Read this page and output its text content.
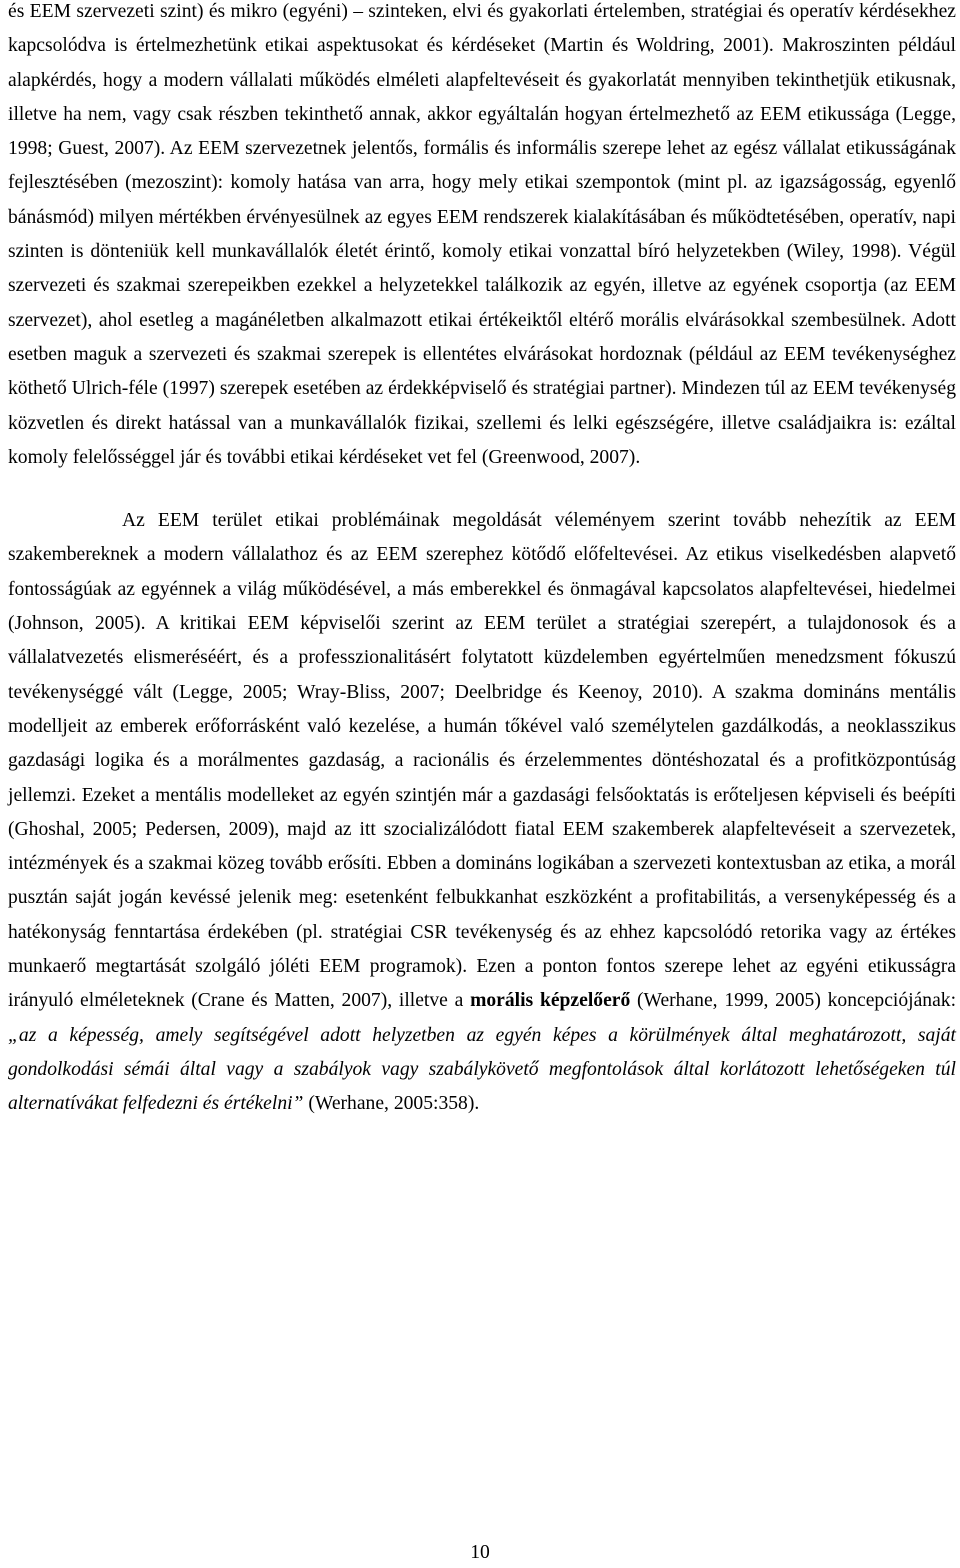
és EEM szervezeti szint) és mikro (egyéni) – szinteken, elvi és gyakorlati értelemben, stratégiai és operatív kérdésekhez kapcsolódva is értelmezhetünk etikai aspektusokat és kérdéseket (Martin és Woldring, 2001). Makroszinten például alapkérdés, hogy a modern vállalati működés elméleti alapfeltevéseit és gyakorlatát mennyiben tekinthetjük etikusnak, illetve ha nem, vagy csak részben tekinthető annak, akkor egyáltalán hogyan értelmezhető az EEM etikussága (Legge, 1998; Guest, 2007). Az EEM szervezetnek jelentős, formális és informális szerepe lehet az egész vállalat etikusságának fejlesztésében (mezoszint): komoly hatása van arra, hogy mely etikai szempontok (mint pl. az igazságosság, egyenlő bánásmód) milyen mértékben érvényesülnek az egyes EEM rendszerek kialakításában és működtetésében, operatív, napi szinten is dönteniük kell munkavállalók életét érintő, komoly etikai vonzattal bíró helyzetekben (Wiley, 1998). Végül szervezeti és szakmai szerepeikben ezekkel a helyzetekkel találkozik az egyén, illetve az egyének csoportja (az EEM szervezet), ahol esetleg a magánéletben alkalmazott etikai értékeiktől eltérő morális elvárásokkal szembesülnek. Adott esetben maguk a szervezeti és szakmai szerepek is ellentétes elvárásokat hordoznak (például az EEM tevékenységhez köthető Ulrich-féle (1997) szerepek esetében az érdekképviselő és stratégiai partner). Mindezen túl az EEM tevékenység közvetlen és direkt hatással van a munkavállalók fizikai, szellemi és lelki egészségére, illetve családjaikra is: ezáltal komoly felelősséggel jár és további etikai kérdéseket vet fel (Greenwood, 2007).

Az EEM terület etikai problémáinak megoldását véleményem szerint tovább nehezítik az EEM szakembereknek a modern vállalathoz és az EEM szerephez kötődő előfeltevései. Az etikus viselkedésben alapvető fontosságúak az egyénnek a világ működésével, a más emberekkel és önmagával kapcsolatos alapfeltevései, hiedelmei (Johnson, 2005). A kritikai EEM képviselői szerint az EEM terület a stratégiai szerepért, a tulajdonosok és a vállalatvezetés elismeréséért, és a professzionalitásért folytatott küzdelemben egyértelműen menedzsment fókuszú tevékenységgé vált (Legge, 2005; Wray-Bliss, 2007; Deelbridge és Keenoy, 2010). A szakma domináns mentális modelljeit az emberek erőforrásként való kezelése, a humán tőkével való személytelen gazdálkodás, a neoklasszikus gazdasági logika és a morálmentes gazdaság, a racionális és érzelemmentes döntéshozatal és a profitközpontúság jellemzi. Ezeket a mentális modelleket az egyén szintjén már a gazdasági felsőoktatás is erőteljesen képviseli és beépíti (Ghoshal, 2005; Pedersen, 2009), majd az itt szocializálódott fiatal EEM szakemberek alapfeltevéseit a szervezetek, intézmények és a szakmai közeg tovább erősíti. Ebben a domináns logikában a szervezeti kontextusban az etika, a morál pusztán saját jogán kevéssé jelenik meg: esetenként felbukkanhat eszközként a profitabilitás, a versenyképesség és a hatékonyság fenntartása érdekében (pl. stratégiai CSR tevékenység és az ehhez kapcsolódó retorika vagy az értékes munkaerő megtartását szolgáló jóléti EEM programok). Ezen a ponton fontos szerepe lehet az egyéni etikusságra irányuló elméleteknek (Crane és Matten, 2007), illetve a morális képzelőerő (Werhane, 1999, 2005) koncepciójának: „az a képesség, amely segítségével adott helyzetben az egyén képes a körülmények által meghatározott, saját gondolkodási sémái által vagy a szabályok vagy szabálykövető megfontolások által korlátozott lehetőségeken túl alternatívákat felfedezni és értékelni” (Werhane, 2005:358).

10
